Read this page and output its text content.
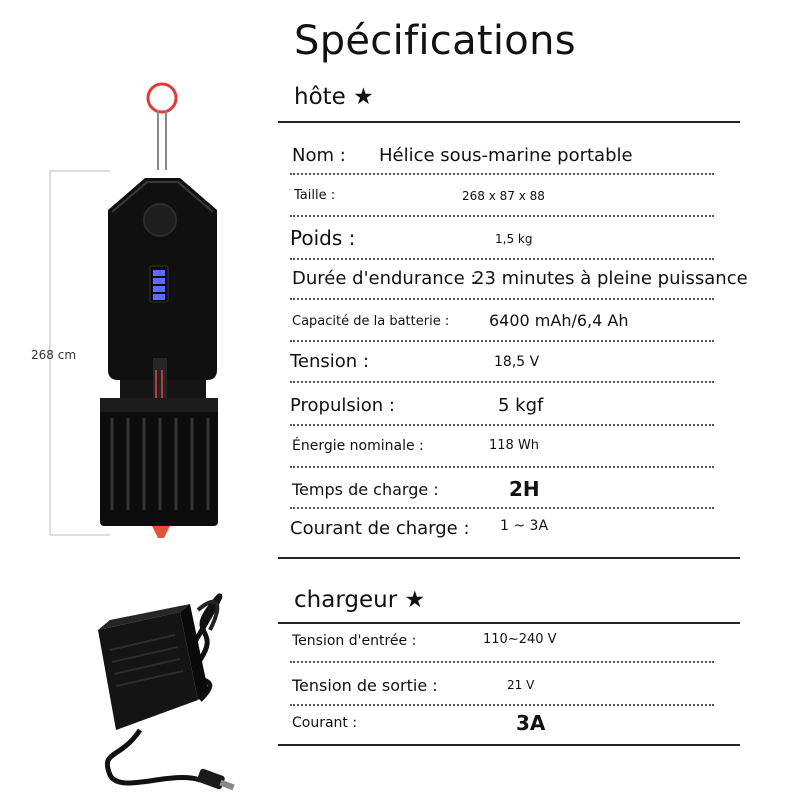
Spécifications
hôte ★
Nom : Hélice sous-marine portable
Taille :	268 x 87 x 88
Poids :	1,5 kg
Durée d'endurance :
23 minutes à pleine puissance
Capacité de la batterie : 6400 mAh/6,4 Ah
Tension :	18,5 V
Propulsion :	5 kgf
Énergie nominale :	118 Wh
Temps de charge :	2H
Courant de charge : 1 ~ 3A
chargeur ★
Tension d'entrée :	110~240 V
Tension de sortie :	21 V
Courant :	3A
268 cm
